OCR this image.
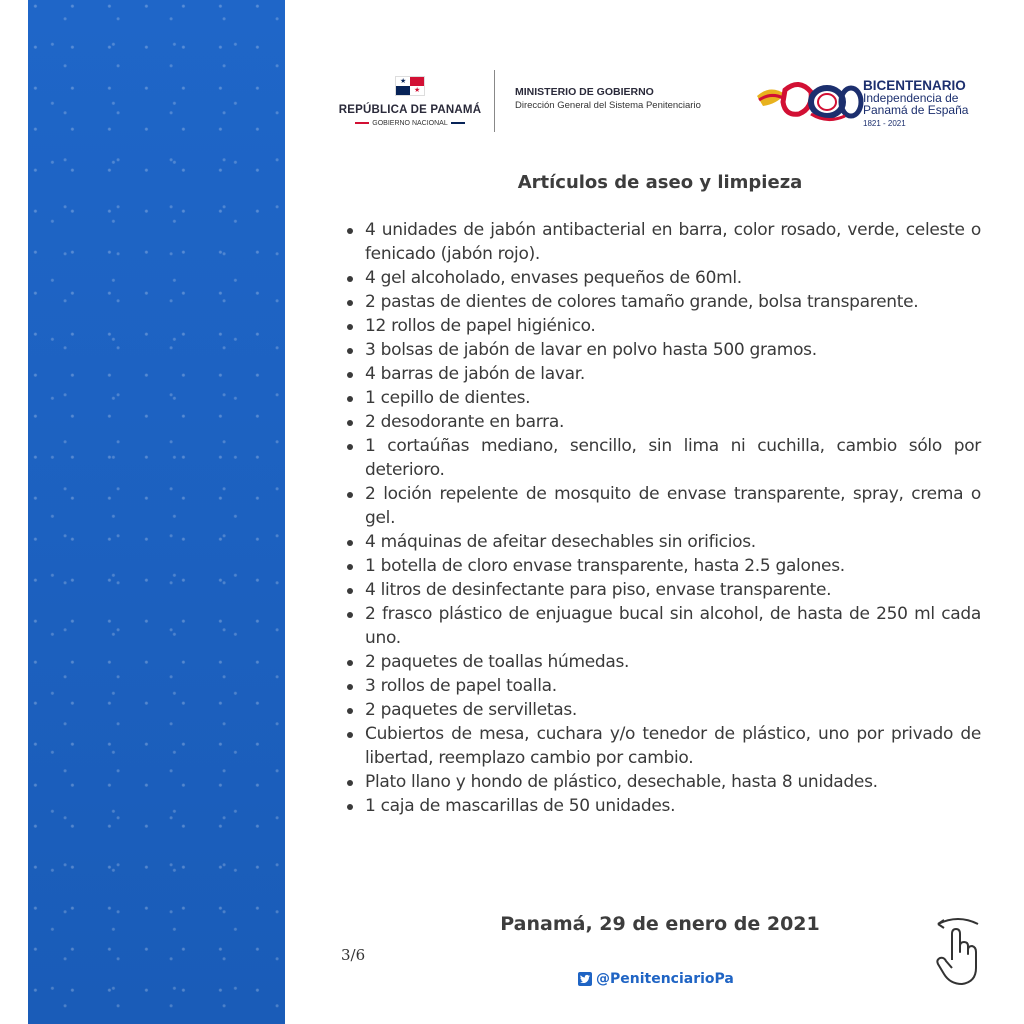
★
★
REPÚBLICA DE PANAMÁ
GOBIERNO NACIONAL
MINISTERIO DE GOBIERNO
Dirección General del Sistema Penitenciario
BICENTENARIO
Independencia de
Panamá de España
1821 - 2021
Artículos de aseo y limpieza
4 unidades de jabón antibacterial en barra, color rosado, verde, celeste o fenicado (jabón rojo).
4 gel alcoholado, envases pequeños de 60ml.
2 pastas de dientes de colores tamaño grande, bolsa transparente.
12 rollos de papel higiénico.
3 bolsas de jabón de lavar en polvo hasta 500 gramos.
4 barras de jabón de lavar.
1 cepillo de dientes.
2 desodorante en barra.
1 cortaúñas mediano, sencillo, sin lima ni cuchilla, cambio sólo por deterioro.
2 loción repelente de mosquito de envase transparente, spray, crema o gel.
4 máquinas de afeitar desechables sin orificios.
1 botella de cloro envase transparente, hasta 2.5 galones.
4 litros de desinfectante para piso, envase transparente.
2 frasco plástico de enjuague bucal sin alcohol, de hasta de 250 ml cada uno.
2 paquetes de toallas húmedas.
3 rollos de papel toalla.
2 paquetes de servilletas.
Cubiertos de mesa, cuchara y/o tenedor de plástico, uno por privado de libertad, reemplazo cambio por cambio.
Plato llano y hondo de plástico, desechable, hasta 8 unidades.
1 caja de mascarillas de 50 unidades.
Panamá, 29 de enero de 2021
3/6
@PenitenciarioPa
